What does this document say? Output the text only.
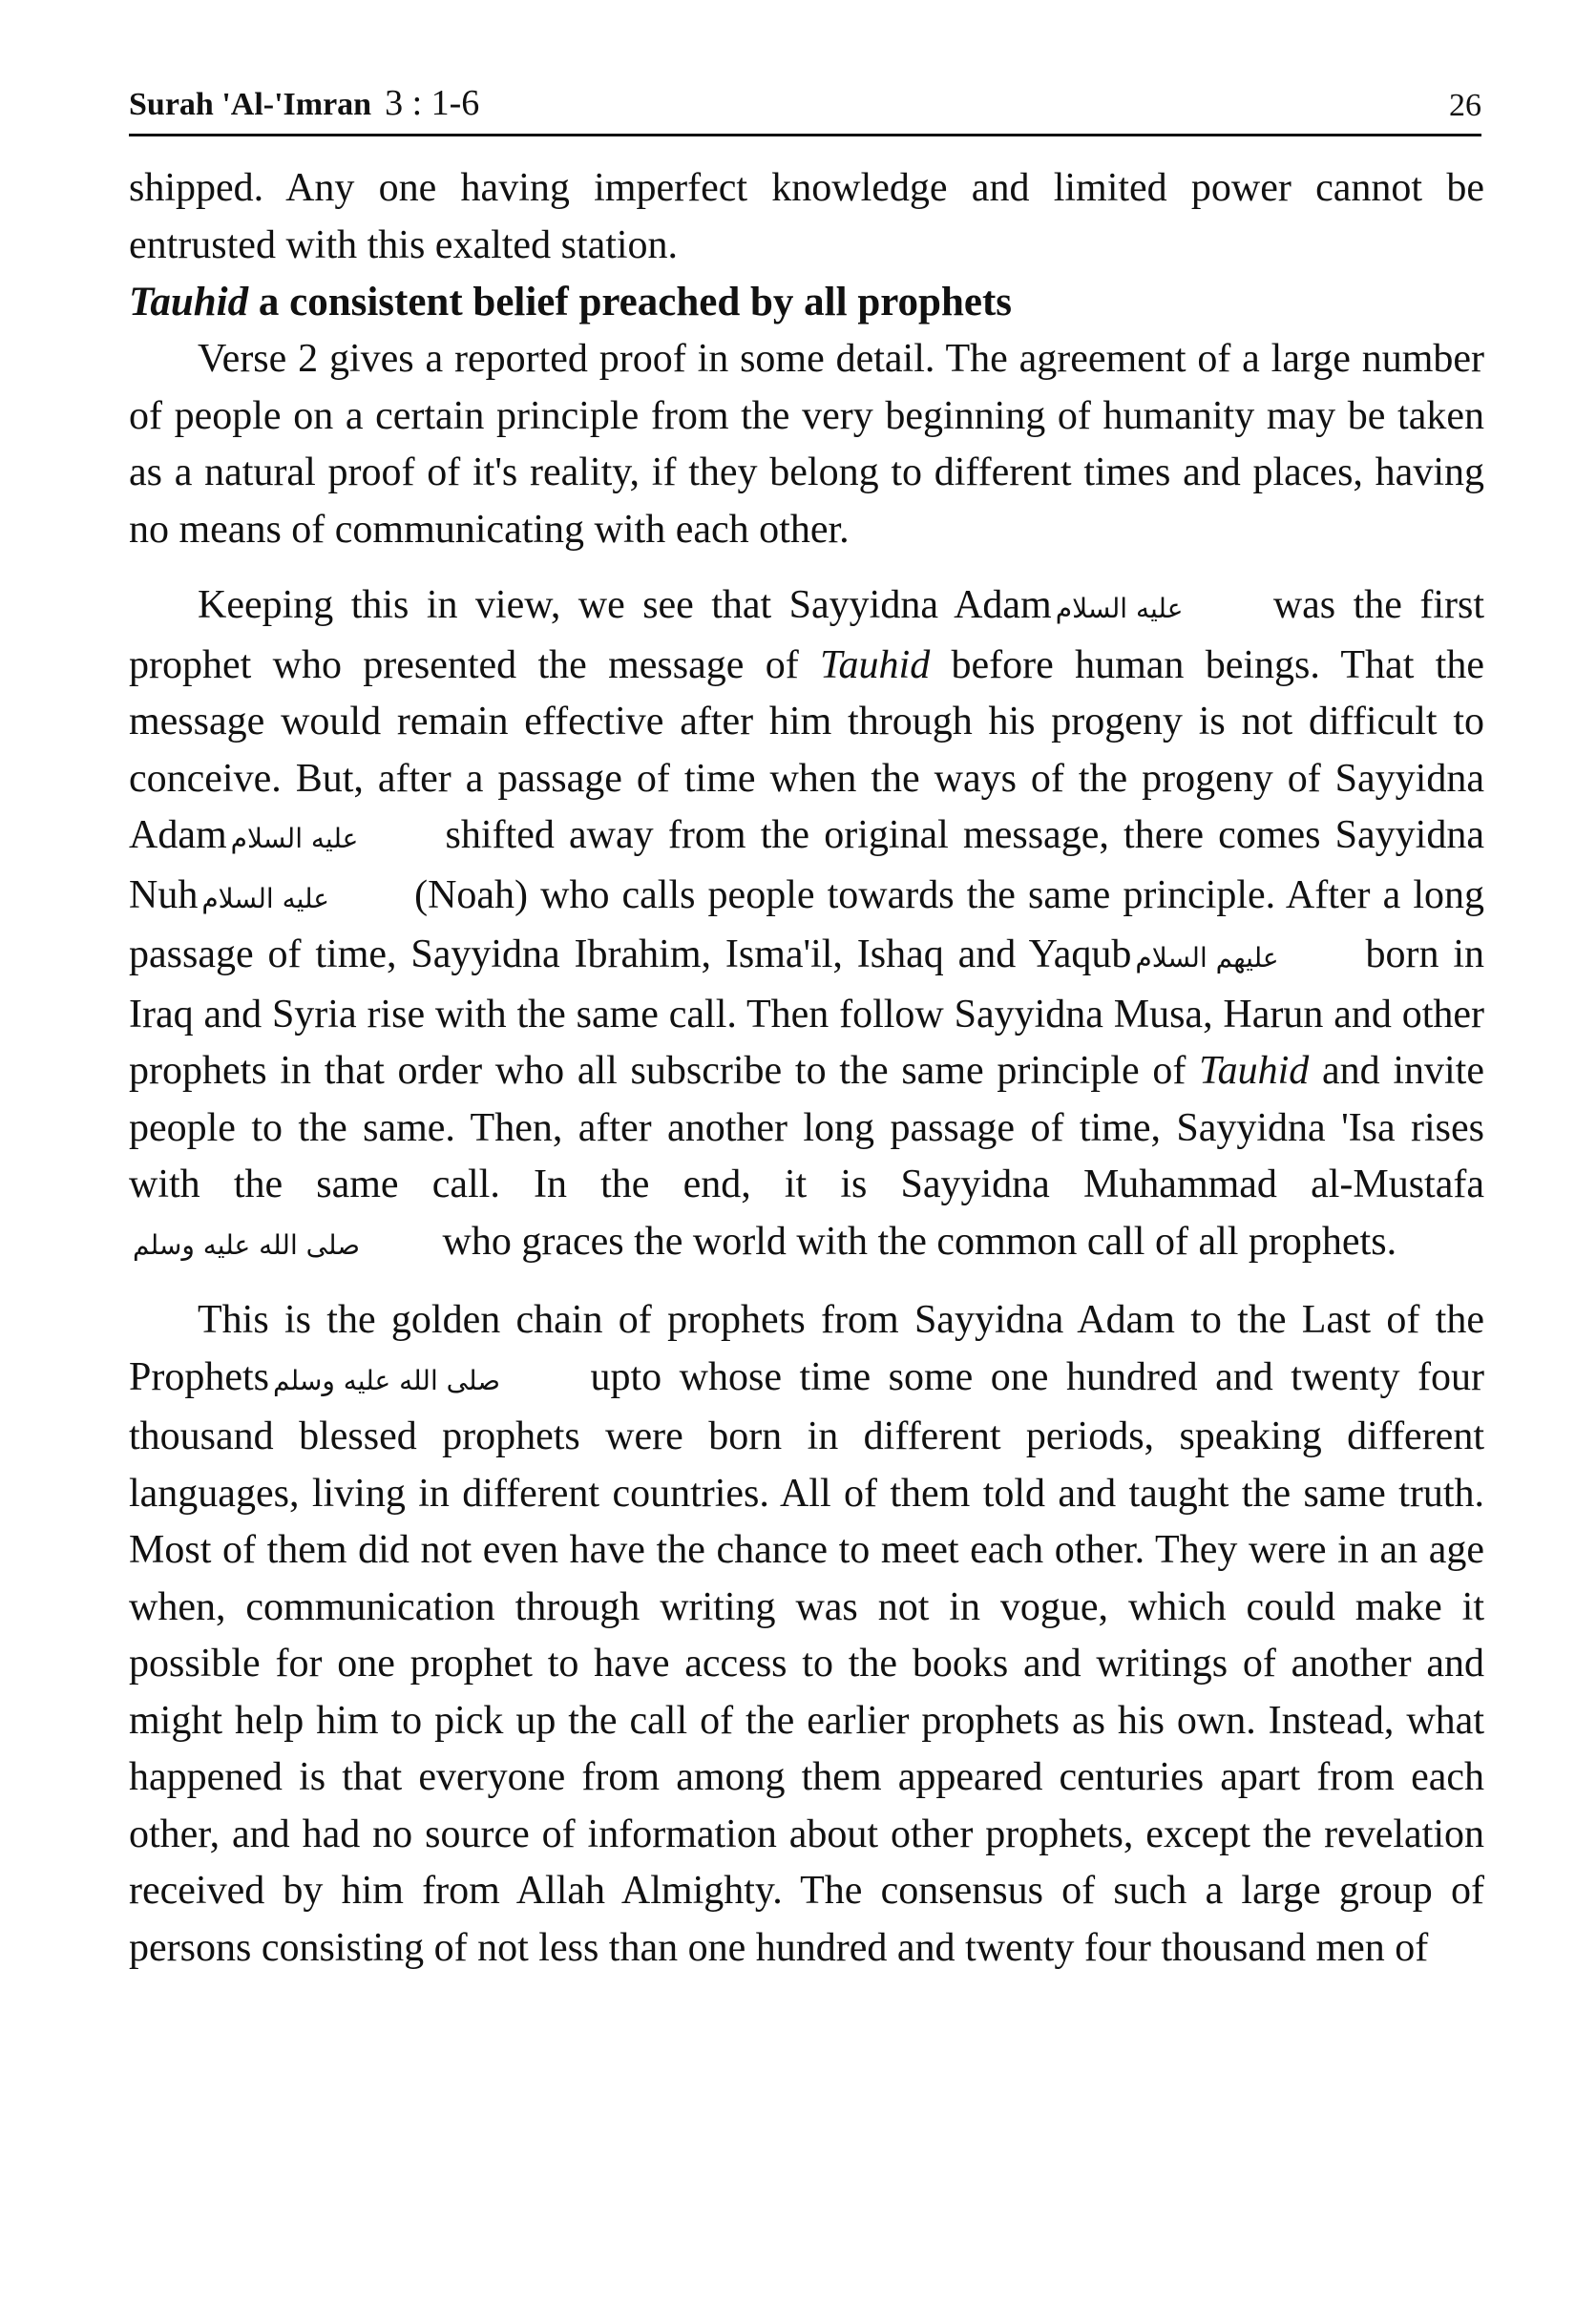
Surah 'Al-'Imran 3 : 1-6	26

shipped. Any one having imperfect knowledge and limited power cannot be entrusted with this exalted station.

Tauhid a consistent belief preached by all prophets

Verse 2 gives a reported proof in some detail. The agreement of a large number of people on a certain principle from the very beginning of humanity may be taken as a natural proof of it's reality, if they belong to different times and places, having no means of communicating with each other.

Keeping this in view, we see that Sayyidna Adam عليه السلام was the first prophet who presented the message of Tauhid before human beings. That the message would remain effective after him through his progeny is not difficult to conceive. But, after a passage of time when the ways of the progeny of Sayyidna Adam عليه السلام shifted away from the original message, there comes Sayyidna Nuh عليه السلام (Noah) who calls people towards the same principle. After a long passage of time, Sayyidna Ibrahim, Isma'il, Ishaq and Yaqub عليهم السلام born in Iraq and Syria rise with the same call. Then follow Sayyidna Musa, Harun and other prophets in that order who all subscribe to the same principle of Tauhid and invite people to the same. Then, after another long passage of time, Sayyidna 'Isa rises with the same call. In the end, it is Sayyidna Muhammad al-Mustafaصلى الله عليه وسلم who graces the world with the common call of all prophets.

This is the golden chain of prophets from Sayyidna Adam to the Last of the Prophets صلى الله عليه وسلم upto whose time some one hundred and twenty four thousand blessed prophets were born in different periods, speaking different languages, living in different countries. All of them told and taught the same truth. Most of them did not even have the chance to meet each other. They were in an age when, communication through writing was not in vogue, which could make it possible for one prophet to have access to the books and writings of another and might help him to pick up the call of the earlier prophets as his own. Instead, what happened is that everyone from among them appeared centuries apart from each other, and had no source of information about other prophets, except the revelation received by him from Allah Almighty. The consensus of such a large group of persons consisting of not less than one hundred and twenty four thousand men of
